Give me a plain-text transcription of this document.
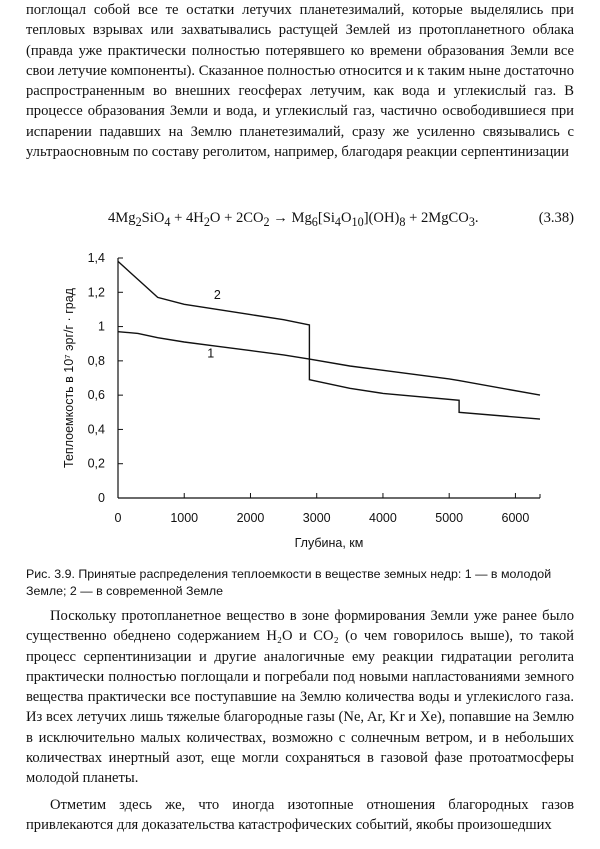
поглощал собой все те остатки летучих планетезималий, которые выделялись при тепловых взрывах или захватывались растущей Землей из протопланетного облака (правда уже практически полностью потерявшего ко времени образования Земли все свои летучие компоненты). Сказанное полностью относится и к таким ныне достаточно распространенным во внешних геосферах летучим, как вода и углекислый газ. В процессе образования Земли и вода, и углекислый газ, частично освободившиеся при испарении падавших на Землю планетезималий, сразу же усиленно связывались с ультраосновным по составу реголитом, например, благодаря реакции серпентинизации

$4Mg_2SiO_4 + 4H_2O + 2CO_2 \to Mg_6[Si_4O_{10}](OH)_8$ + 2MgCO$_3$.	(3.38)
0
0,2
0,4
0,6
0,8
1
1,2
1,4
0	1000	2000	3000	4000	5000	6000
Глубина, км
Теплоемкость в 10⁷ эрг/г · град	1
2
Рис. 3.9. Принятые распределения теплоемкости в веществе земных недр: 1 — в молодой Земле; 2 — в современной Земле

Поскольку протопланетное вещество в зоне формирования Земли уже ранее было существенно обеднено содержанием H₂O и CO₂ (о чем говорилось выше), то такой процесс серпентинизации и другие аналогичные ему реакции гидратации реголита практически полностью поглощали и погребали под новыми напластованиями земного вещества практически все поступавшие на Землю количества воды и углекислого газа. Из всех летучих лишь тяжелые благородные газы (Ne, Ar, Kr и Xe), попавшие на Землю в исключительно малых количествах, возможно с солнечным ветром, и в небольших количествах инертный азот, еще могли сохраняться в газовой фазе протоатмосферы молодой планеты.

Отметим здесь же, что иногда изотопные отношения благородных газов привлекаются для доказательства катастрофических событий, якобы произошедших
